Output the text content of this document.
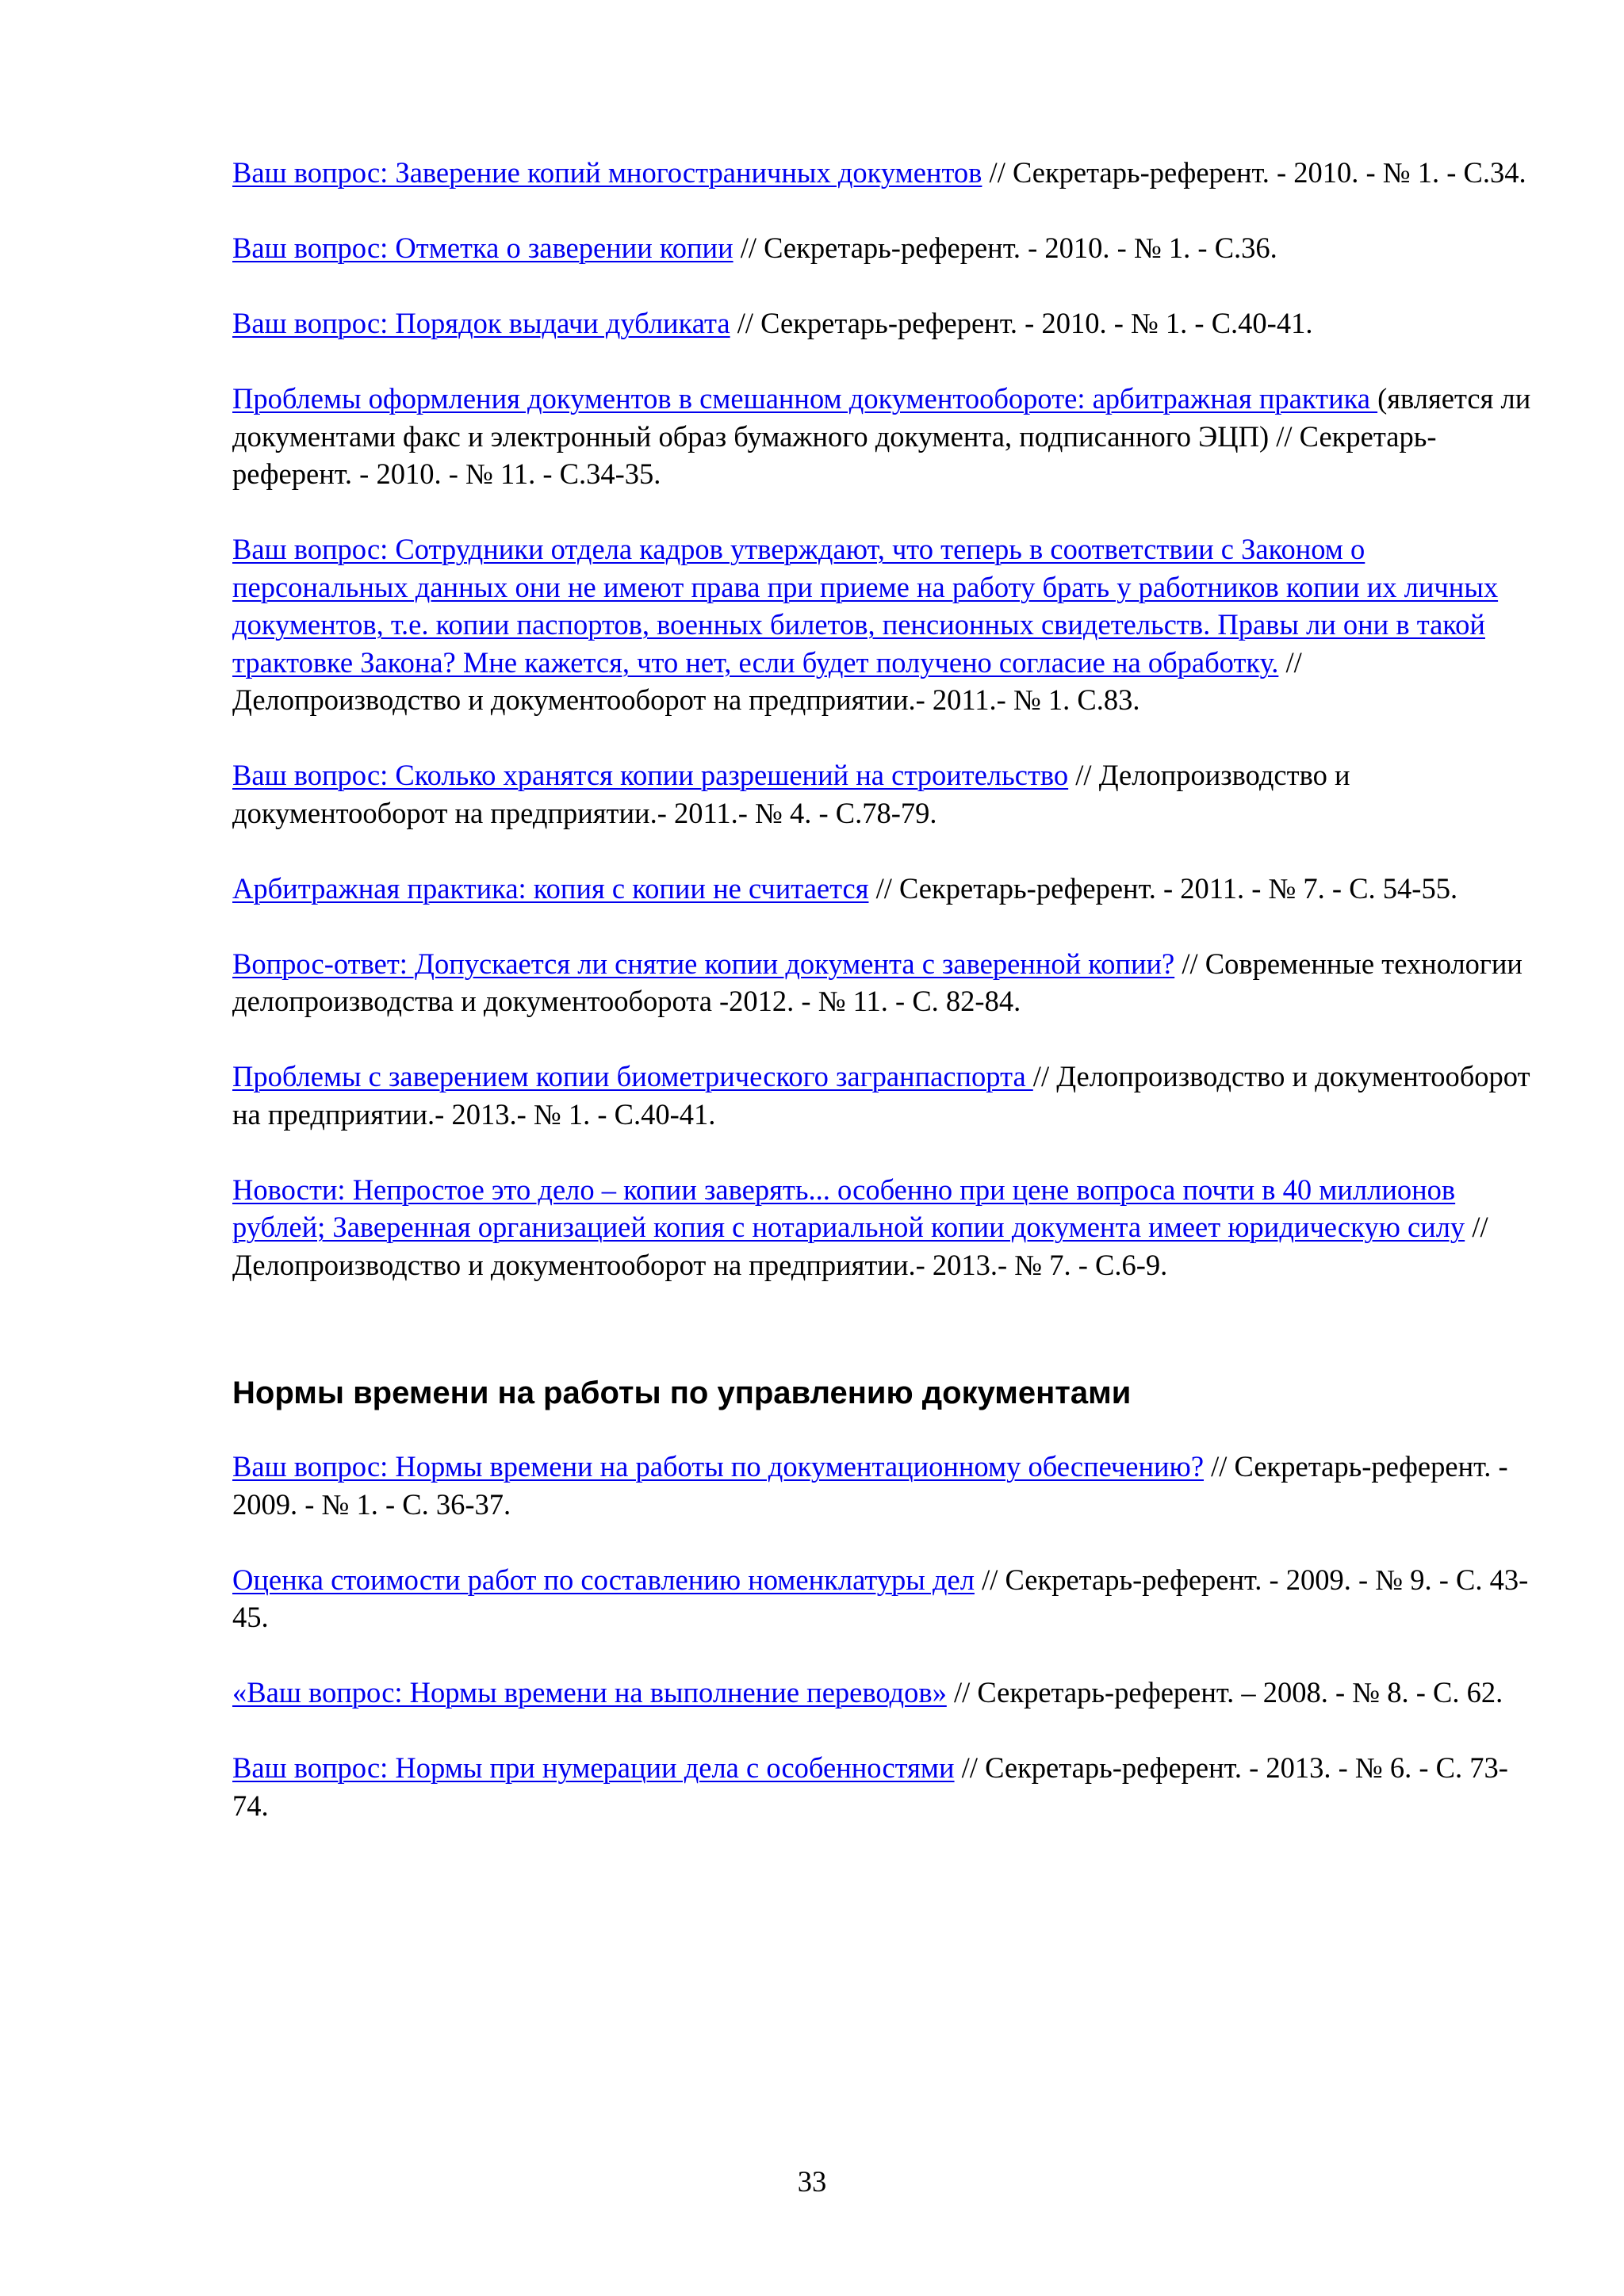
Ваш вопрос: Заверение копий многостраничных документов // Секретарь-референт. - 2010. - № 1. - С.34.
Ваш вопрос: Отметка о заверении копии // Секретарь-референт. - 2010. - № 1. - С.36.
Ваш вопрос: Порядок выдачи дубликата // Секретарь-референт. - 2010. - № 1. - С.40-41.
Проблемы оформления документов в смешанном документообороте: арбитражная практика (является ли документами факс и электронный образ бумажного документа, подписанного ЭЦП) // Секретарь-референт. - 2010. - № 11. - С.34-35.
Ваш вопрос: Сотрудники отдела кадров утверждают, что теперь в соответствии с Законом о персональных данных они не имеют права при приеме на работу брать у работников копии их личных документов, т.е. копии паспортов, военных билетов, пенсионных свидетельств. Правы ли они в такой трактовке Закона? Мне кажется, что нет, если будет получено согласие на обработку. // Делопроизводство и документооборот на предприятии.- 2011.- № 1. С.83.
Ваш вопрос: Сколько хранятся копии разрешений на строительство // Делопроизводство и документооборот на предприятии.- 2011.- № 4. - С.78-79.
Арбитражная практика: копия с копии не считается // Секретарь-референт. - 2011. - № 7. - С. 54-55.
Вопрос-ответ: Допускается ли снятие копии документа с заверенной копии? // Современные технологии делопроизводства и документооборота -2012. - № 11. - С. 82-84.
Проблемы с заверением копии биометрического загранпаспорта // Делопроизводство и документооборот на предприятии.- 2013.- № 1. - С.40-41.
Новости: Непростое это дело – копии заверять... особенно при цене вопроса почти в 40 миллионов рублей; Заверенная организацией копия с нотариальной копии документа имеет юридическую силу // Делопроизводство и документооборот на предприятии.- 2013.- № 7. - С.6-9.
Нормы времени на работы по управлению документами
Ваш вопрос: Нормы времени на работы по документационному обеспечению? // Секретарь-референт. - 2009. - № 1. - С. 36-37.
Оценка стоимости работ по составлению номенклатуры дел // Секретарь-референт. - 2009. - № 9. - С. 43-45.
«Ваш вопрос: Нормы времени на выполнение переводов» // Секретарь-референт. – 2008. - № 8. - С. 62.
Ваш вопрос: Нормы при нумерации дела с особенностями // Секретарь-референт. - 2013. - № 6. - С. 73-74.
33
